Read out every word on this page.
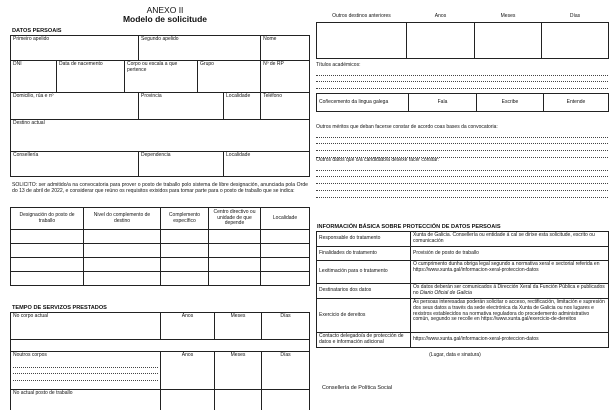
ANEXO II
Modelo de solicitude
DATOS PERSOAIS
Primeiro apelido			Segundo apelido			Nome
DNI	Data de nacemento	Corpo ou escala a que pertence		Grupo		Nº de RP
Domicilio, rúa e nº			Provincia		Localidade	Teléfono
Destino actual						
Consellería			Dependencia		Localidade	
SOLICITO: ser admitido/a na convocatoria para prover o posto de traballo polo sistema de libre designación, anunciada pola Orde do 13 de abril de 2022, e considerar que reúno os requisitos exixidos para tomar parte para o posto de traballo que se indica:
Designación do posto de traballo	Nivel do complemento de destino	Complemento específico	Centro directivo ou unidade de que depende	Localidade

TEMPO DE SERVIZOS PRESTADOS
No corpo actual	Anos	Meses	Días

Noutros corpos	Anos	Meses	Días
No actual posto de traballo			
Outros destinos anteriores	Anos	Meses	Días

Títulos académicos:
Coñecemento da lingua galega	Fala	Escribe	Entende
Outros méritos que deban facerse constar de acordo coas bases da convocatoria:
Outros datos que o/a candidato/a desexe facer constar:
INFORMACIÓN BÁSICA SOBRE PROTECCIÓN DE DATOS PERSOAIS
Responsable do tratamento	Xunta de Galicia. Consellería ou entidade á cal se dirixe esta solicitude, escrito ou comunicación
Finalidades do tratamento	Provisión de posto de traballo
Lexitimación para o tratamento	O cumprimento dunha obriga legal segundo a normativa xeral e sectorial referida en https://www.xunta.gal/informacion-xeral-proteccion-datos
Destinatarios dos datos	Os datos deberán ser comunicados á Dirección Xeral da Función Pública e publicados no Diario Oficial de Galicia
Exercicio de dereitos	As persoas interesadas poderán solicitar o acceso, rectificación, limitación e supresión dos seus datos a través da sede electrónica da Xunta de Galicia ou nos lugares e rexistros establecidos na normativa reguladora do procedemento administrativo común, segundo se recolle en https://www.xunta.gal/exercicio-de-dereitos
Contacto delegado/a de protección de datos e información adicional	https://www.xunta.gal/informacion-xeral-proteccion-datos
(Lugar, data e sinatura)
Consellería de Política Social
